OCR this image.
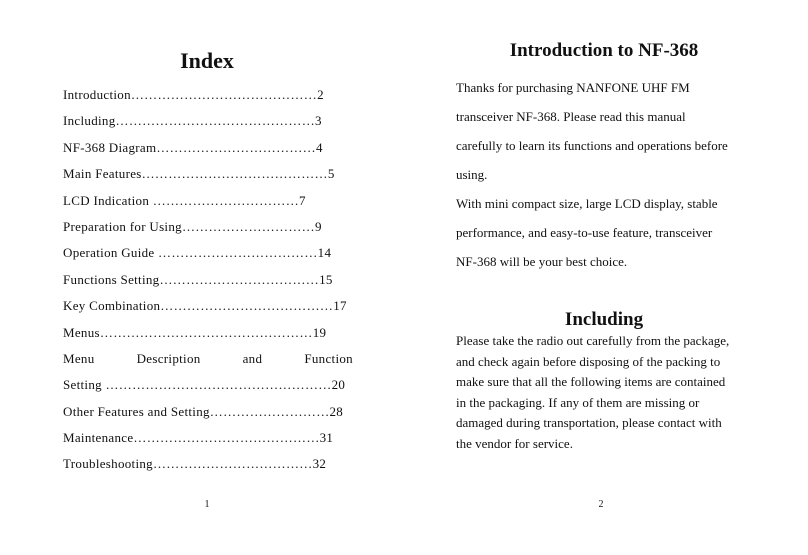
Index
Introduction……………………………………2
Including………………………………………3
NF-368 Diagram………………………………4
Main Features……………………………………5
LCD Indication ……………………………7
Preparation for Using…………………………9
Operation Guide ………………………………14
Functions Setting………………………………15
Key Combination…………………………………17
Menus…………………………………………19
Menu	Description	and	Function
Setting ……………………………………………20
Other Features and Setting………………………28
Maintenance……………………………………31
Troubleshooting………………………………32
1
Introduction to NF-368

Thanks for purchasing NANFONE UHF FM
transceiver NF-368. Please read this manual
carefully to learn its functions and operations before
using.
With mini compact size, large LCD display, stable
performance, and easy-to-use feature, transceiver
NF-368 will be your best choice.

Including

Please take the radio out carefully from the package,
and check again before disposing of the packing to
make sure that all the following items are contained
in the packaging. If any of them are missing or
damaged during transportation, please contact with
the vendor for service.

2
